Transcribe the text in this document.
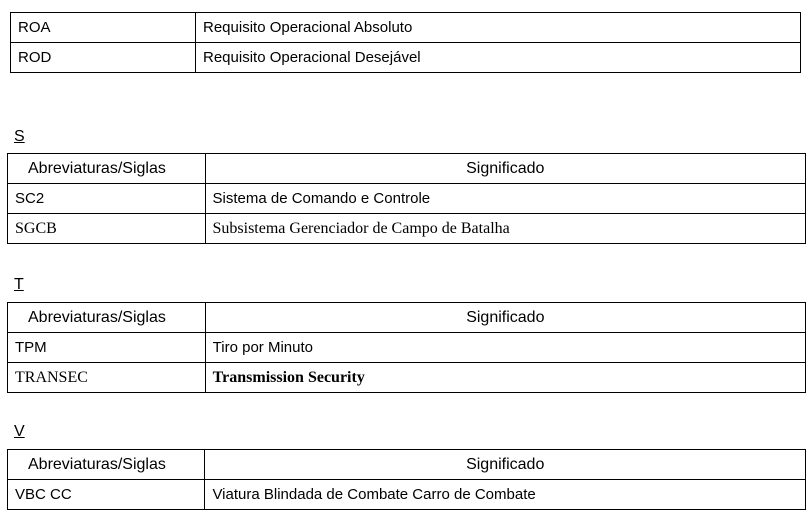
ROA	Requisito Operacional Absoluto
ROD	Requisito Operacional Desejável
S
Abreviaturas/Siglas	Significado
SC2	Sistema de Comando e Controle
SGCB	Subsistema Gerenciador de Campo de Batalha
T
Abreviaturas/Siglas	Significado
TPM	Tiro por Minuto
TRANSEC	Transmission Security
V
Abreviaturas/Siglas	Significado
VBC CC	Viatura Blindada de Combate Carro de Combate
